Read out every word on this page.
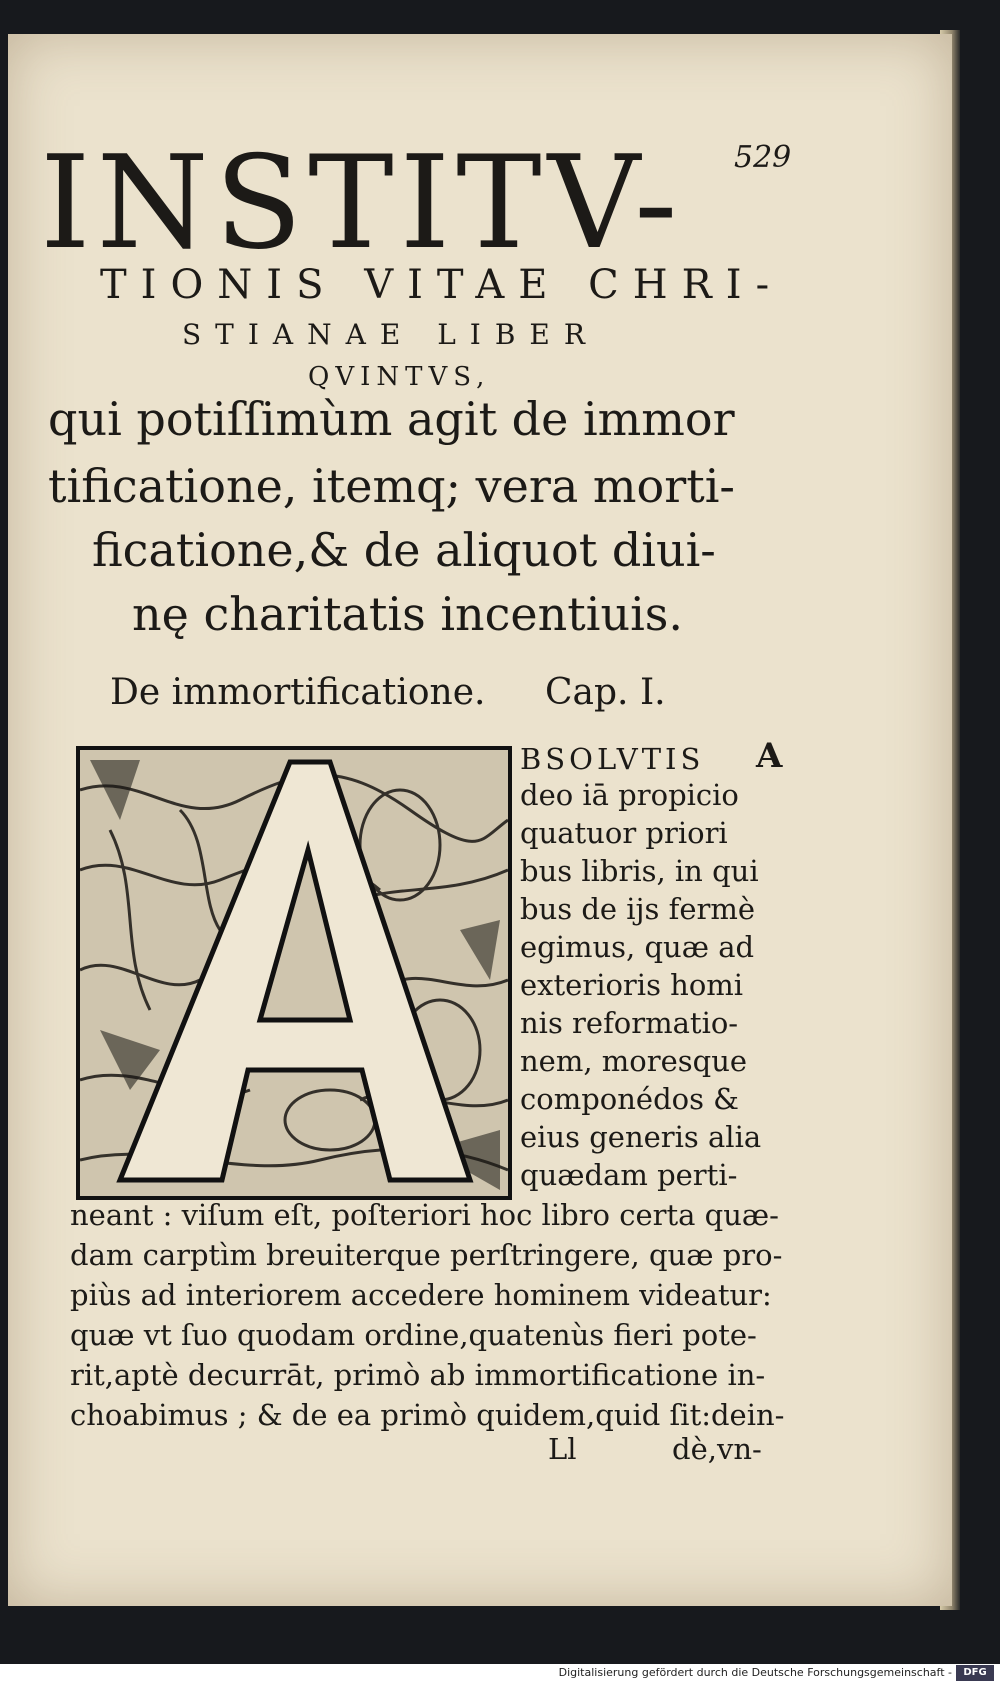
529
INSTITV-
TIONIS VITAE CHRI-
STIANAE LIBER
QVINTVS,
qui potiſſimùm agit de immor
tificatione, itemq; vera morti-
ficatione,& de aliquot diui-
nę charitatis incentiuis.
De immortificatione. Cap. I.
A
BSOLVTIS
deo iā propicio
quatuor priori
bus libris, in qui
bus de iјs fermè
egimus, quæ ad
exterioris homi
nis reformatio-
nem, moresque
componédos &
eius generis alia
quædam perti-
neant : viſum eſt, poſteriori hoc libro certa quæ-
dam carptìm breuiterque perſtringere, quæ pro-
piùs ad interiorem accedere hominem videatur:
quæ vt ſuo quodam ordine,quatenùs fieri pote-
rit,aptè decurrāt, primò ab immortificatione in-
choabimus ; & de ea primò quidem,quid ſit:dein-
Ll	dè,vn-
Digitalisierung gefördert durch die Deutsche Forschungsgemeinschaft -	DFG
